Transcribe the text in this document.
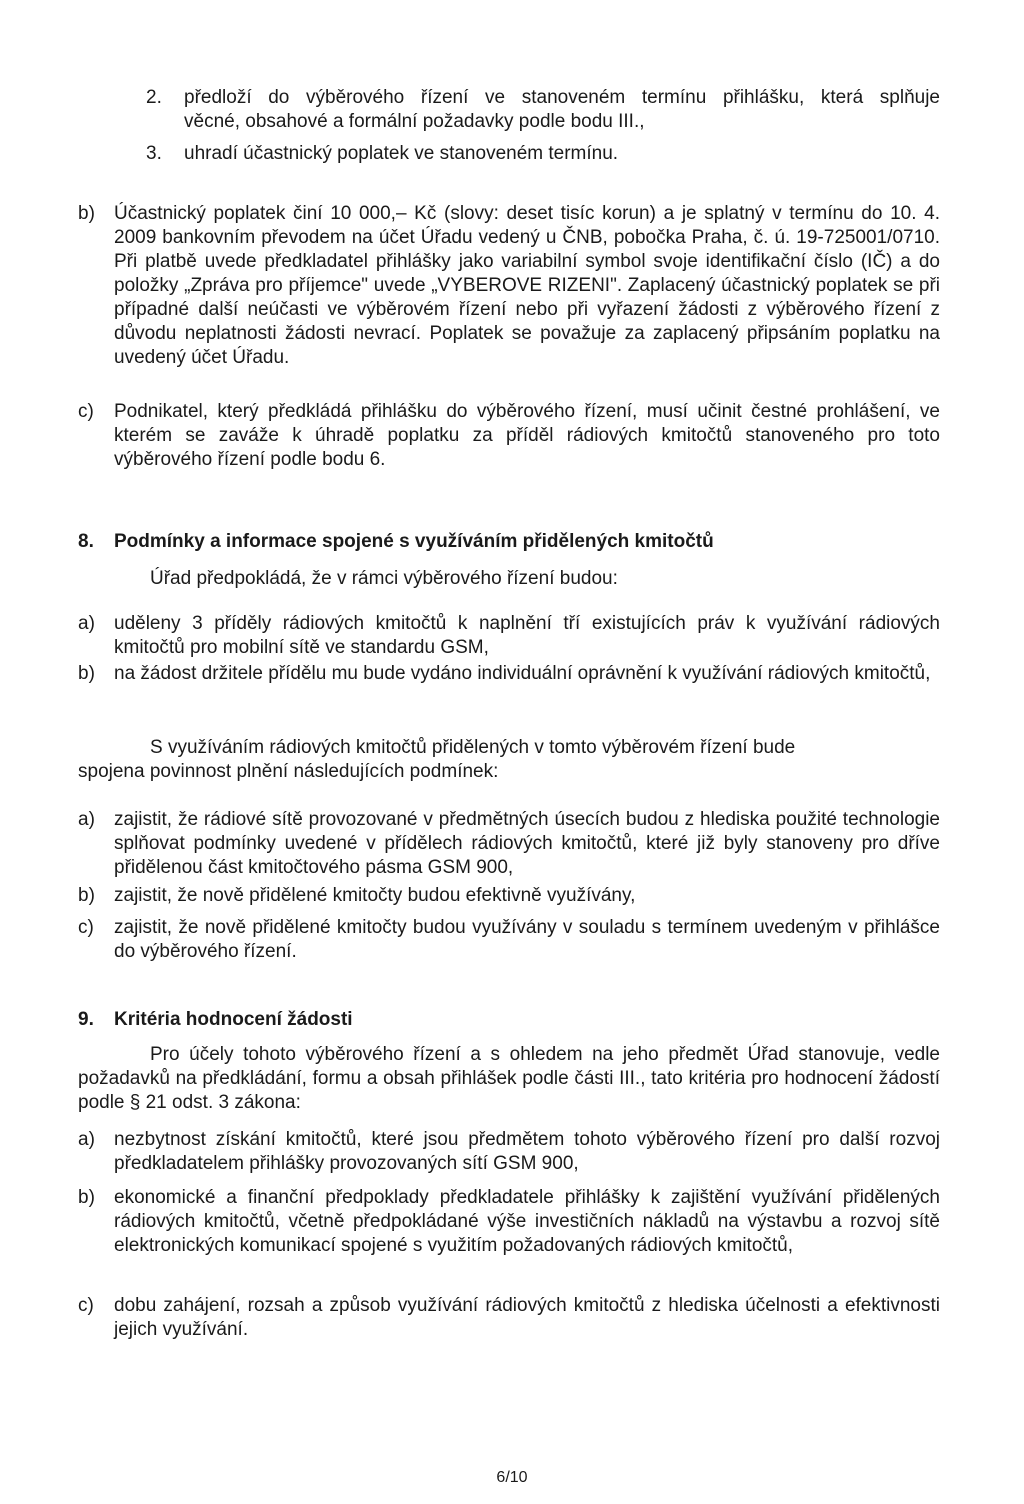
2.	předloží do výběrového řízení ve stanoveném termínu přihlášku, která splňuje
věcné, obsahové a formální požadavky podle bodu III.,
3.	uhradí účastnický poplatek ve stanoveném termínu.
b)	Účastnický poplatek činí 10 000,– Kč (slovy: deset tisíc korun) a je splatný v termínu do 10. 4. 2009 bankovním převodem na účet Úřadu vedený u ČNB, pobočka Praha, č. ú. 19-725001/0710. Při platbě uvede předkladatel přihlášky jako variabilní symbol svoje identifikační číslo (IČ) a do položky „Zpráva pro příjemce" uvede „VYBEROVE RIZENI". Zaplacený účastnický poplatek se při případné další neúčasti ve výběrovém řízení nebo při vyřazení žádosti z výběrového řízení z důvodu neplatnosti žádosti nevrací. Poplatek se považuje za zaplacený připsáním poplatku na uvedený účet Úřadu.
c)	Podnikatel, který předkládá přihlášku do výběrového řízení, musí učinit čestné prohlášení, ve kterém se zaváže k úhradě poplatku za příděl rádiových kmitočtů stanoveného pro toto výběrového řízení podle bodu 6.
8. Podmínky a informace spojené s využíváním přidělených kmitočtů

Úřad předpokládá, že v rámci výběrového řízení budou:

a)	uděleny 3 příděly rádiových kmitočtů k naplnění tří existujících práv k využívání rádiových kmitočtů pro mobilní sítě ve standardu GSM,
b)	na žádost držitele přídělu mu bude vydáno individuální oprávnění k využívání rádiových kmitočtů,
S využíváním rádiových kmitočtů přidělených v tomto výběrovém řízení bude
spojena povinnost plnění následujících podmínek:
a)	zajistit, že rádiové sítě provozované v předmětných úsecích budou z hlediska použité technologie splňovat podmínky uvedené v přídělech rádiových kmitočtů, které již byly stanoveny pro dříve přidělenou část kmitočtového pásma GSM 900,
b)	zajistit, že nově přidělené kmitočty budou efektivně využívány,
c)	zajistit, že nově přidělené kmitočty budou využívány v souladu s termínem uvedeným v přihlášce do výběrového řízení.
9. Kritéria hodnocení žádosti

Pro účely tohoto výběrového řízení a s ohledem na jeho předmět Úřad stanovuje, vedle požadavků na předkládání, formu a obsah přihlášek podle části III., tato kritéria pro hodnocení žádostí podle § 21 odst. 3 zákona:

a)	nezbytnost získání kmitočtů, které jsou předmětem tohoto výběrového řízení pro další rozvoj předkladatelem přihlášky provozovaných sítí GSM 900,
b)	ekonomické a finanční předpoklady předkladatele přihlášky k zajištění využívání přidělených rádiových kmitočtů, včetně předpokládané výše investičních nákladů na výstavbu a rozvoj sítě elektronických komunikací spojené s využitím požadovaných rádiových kmitočtů,
c)	dobu zahájení, rozsah a způsob využívání rádiových kmitočtů z hlediska účelnosti a efektivnosti jejich využívání.
6/10
